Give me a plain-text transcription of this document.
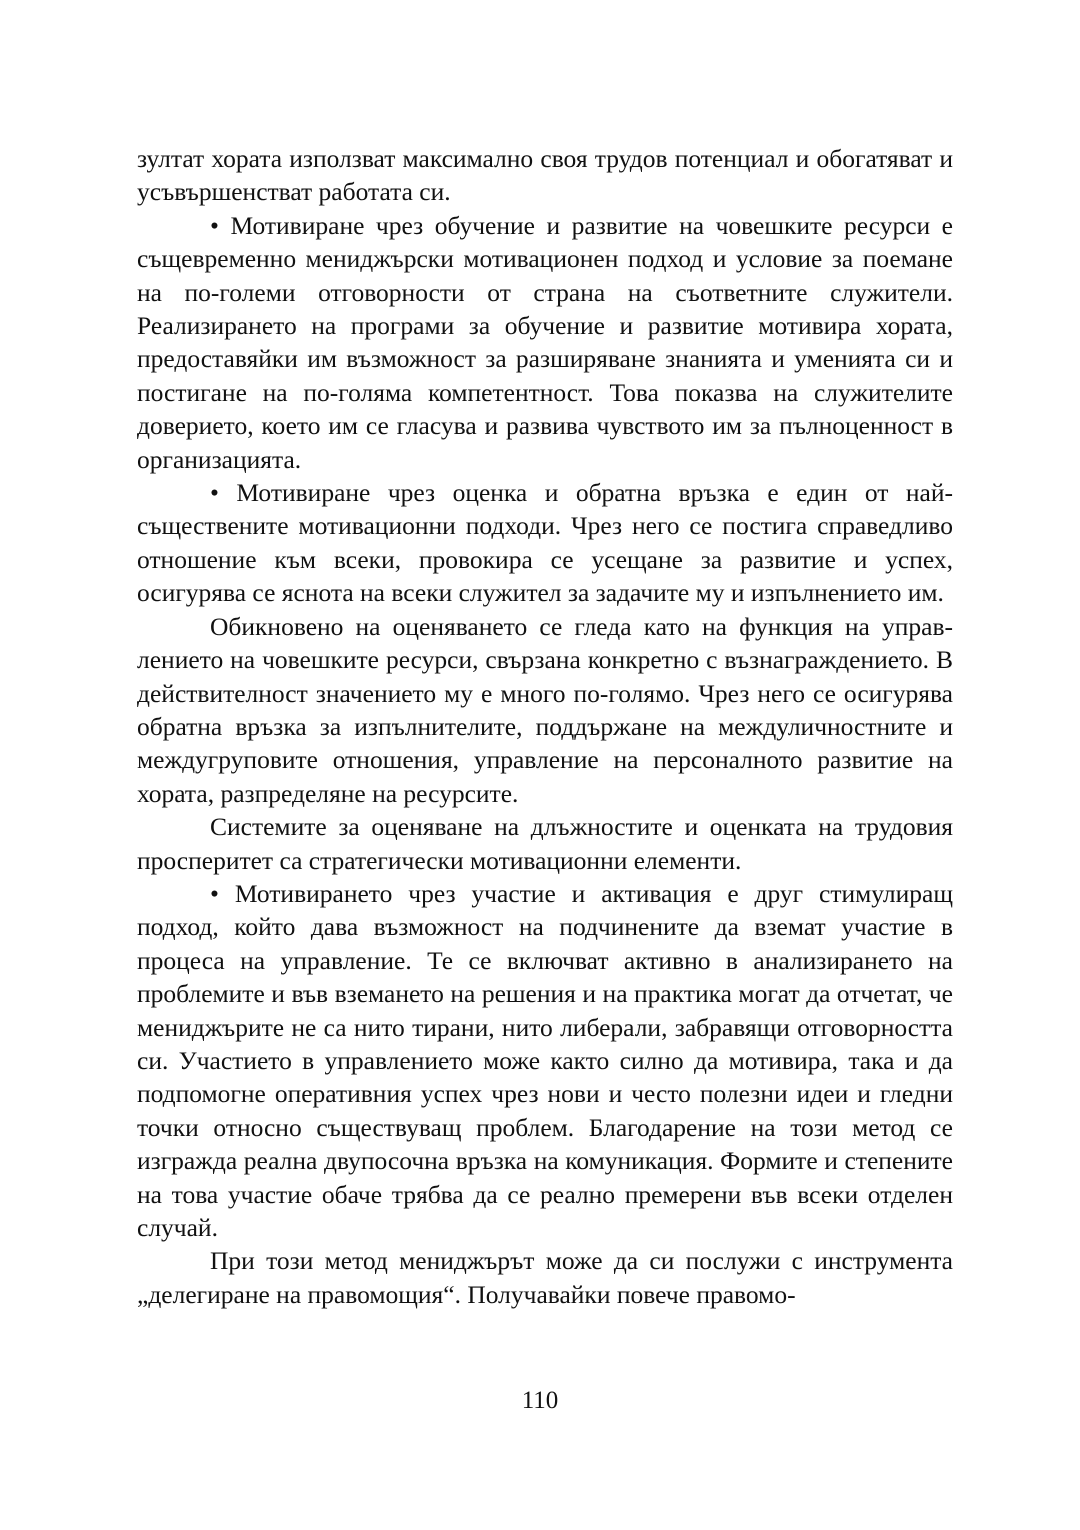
зултат хората използват максимално своя трудов потенциал и обогатяват и усъвършенстват работата си.

• Мотивиране чрез обучение и развитие на човешките ресурси е същевременно мениджърски мотивационен подход и условие за поемане на по-големи отговорности от страна на съответните служители. Реализирането на програми за обучение и развитие мотивира хората, предоставяйки им възможност за разширяване знанията и уменията си и постигане на по-голяма компетентност. Това показва на служителите доверието, което им се гласува и развива чувството им за пълноценност в организацията.

• Мотивиране чрез оценка и обратна връзка е един от най-съществените мотивационни подходи. Чрез него се постига справедливо отношение към всеки, провокира се усещане за развитие и успех, осигурява се яснота на всеки служител за задачите му и изпълнението им.

Обикновено на оценяването се гледа като на функция на управлението на човешките ресурси, свързана конкретно с възнаграждението. В действителност значението му е много по-голямо. Чрез него се осигурява обратна връзка за изпълнителите, поддържане на междуличностните и междугруповите отношения, управление на персоналното развитие на хората, разпределяне на ресурсите.

Системите за оценяване на длъжностите и оценката на трудовия просперитет са стратегически мотивационни елементи.

• Мотивирането чрез участие и активация е друг стимулиращ подход, който дава възможност на подчинените да вземат участие в процеса на управление. Те се включват активно в анализирането на проблемите и във вземането на решения и на практика могат да отчетат, че мениджърите не са нито тирани, нито либерали, забравящи отговорността си. Участието в управлението може както силно да мотивира, така и да подпомогне оперативния успех чрез нови и често полезни идеи и гледни точки относно съществуващ проблем. Благодарение на този метод се изгражда реална двупосочна връзка на комуникация. Формите и степените на това участие обаче трябва да се реално премерени във всеки отделен случай.

При този метод мениджърът може да си послужи с инструмента „делегиране на правомощия“. Получавайки повече правомо-

110
